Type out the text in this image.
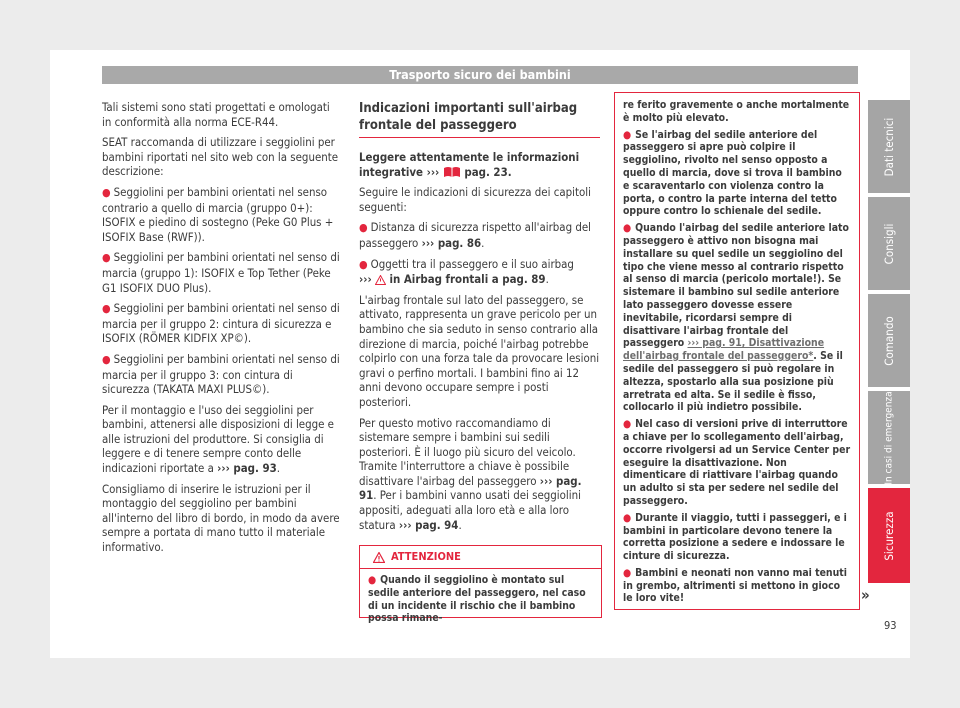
Trasporto sicuro dei bambini

Tali sistemi sono stati progettati e omologati in conformità alla norma ECE-R44.

SEAT raccomanda di utilizzare i seggiolini per bambini riportati nel sito web con la seguente descrizione:

● Seggiolini per bambini orientati nel senso contrario a quello di marcia (gruppo 0+): ISOFIX e piedino di sostegno (Peke G0 Plus + ISOFIX Base (RWF)).

● Seggiolini per bambini orientati nel senso di marcia (gruppo 1): ISOFIX e Top Tether (Peke G1 ISOFIX DUO Plus).

● Seggiolini per bambini orientati nel senso di marcia per il gruppo 2: cintura di sicurezza e ISOFIX (RÖMER KIDFIX XP©).

● Seggiolini per bambini orientati nel senso di marcia per il gruppo 3: con cintura di sicurezza (TAKATA MAXI PLUS©).

Per il montaggio e l'uso dei seggiolini per bambini, attenersi alle disposizioni di legge e alle istruzioni del produttore. Si consiglia di leggere e di tenere sempre conto delle indicazioni riportate a ››› pag. 93.

Consigliamo di inserire le istruzioni per il montaggio del seggiolino per bambini all'interno del libro di bordo, in modo da avere sempre a portata di mano tutto il materiale informativo.

Indicazioni importanti sull'airbag frontale del passeggero

Leggere attentamente le informazioni integrative ›››  pag. 23.

Seguire le indicazioni di sicurezza dei capitoli seguenti:

● Distanza di sicurezza rispetto all'airbag del passeggero ››› pag. 86.

● Oggetti tra il passeggero e il suo airbag
›››  in Airbag frontali a pag. 89.

L'airbag frontale sul lato del passeggero, se attivato, rappresenta un grave pericolo per un bambino che sia seduto in senso contrario alla direzione di marcia, poiché l'airbag potrebbe colpirlo con una forza tale da provocare lesioni gravi o perfino mortali. I bambini fino ai 12 anni devono occupare sempre i posti posteriori.

Per questo motivo raccomandiamo di sistemare sempre i bambini sui sedili posteriori. È il luogo più sicuro del veicolo. Tramite l'interruttore a chiave è possibile disattivare l'airbag del passeggero ››› pag. 91. Per i bambini vanno usati dei seggiolini appositi, adeguati alla loro età e alla loro statura ››› pag. 94.

ATTENZIONE
● Quando il seggiolino è montato sul sedile anteriore del passeggero, nel caso di un incidente il rischio che il bambino possa rimane-

re ferito gravemente o anche mortalmente è molto più elevato.

● Se l'airbag del sedile anteriore del passeggero si apre può colpire il seggiolino, rivolto nel senso opposto a quello di marcia, dove si trova il bambino e scaraventarlo con violenza contro la porta, o contro la parte interna del tetto oppure contro lo schienale del sedile.

● Quando l'airbag del sedile anteriore lato passeggero è attivo non bisogna mai installare su quel sedile un seggiolino del tipo che viene messo al contrario rispetto al senso di marcia (pericolo mortale!). Se sistemare il bambino sul sedile anteriore lato passeggero dovesse essere inevitabile, ricordarsi sempre di disattivare l'airbag frontale del passeggero ››› pag. 91, Disattivazione dell'airbag frontale del passeggero*. Se il sedile del passeggero si può regolare in altezza, spostarlo alla sua posizione più arretrata ed alta. Se il sedile è fisso, collocarlo il più indietro possibile.

● Nel caso di versioni prive di interruttore a chiave per lo scollegamento dell'airbag, occorre rivolgersi ad un Service Center per eseguire la disattivazione. Non dimenticare di riattivare l'airbag quando un adulto si sta per sedere nel sedile del passeggero.

● Durante il viaggio, tutti i passeggeri, e i bambini in particolare devono tenere la corretta posizione a sedere e indossare le cinture di sicurezza.

● Bambini e neonati non vanno mai tenuti in grembo, altrimenti si mettono in gioco le loro vite!	»
Dati tecnici
Consigli
Comando
In casi di emergenza
Sicurezza
93
